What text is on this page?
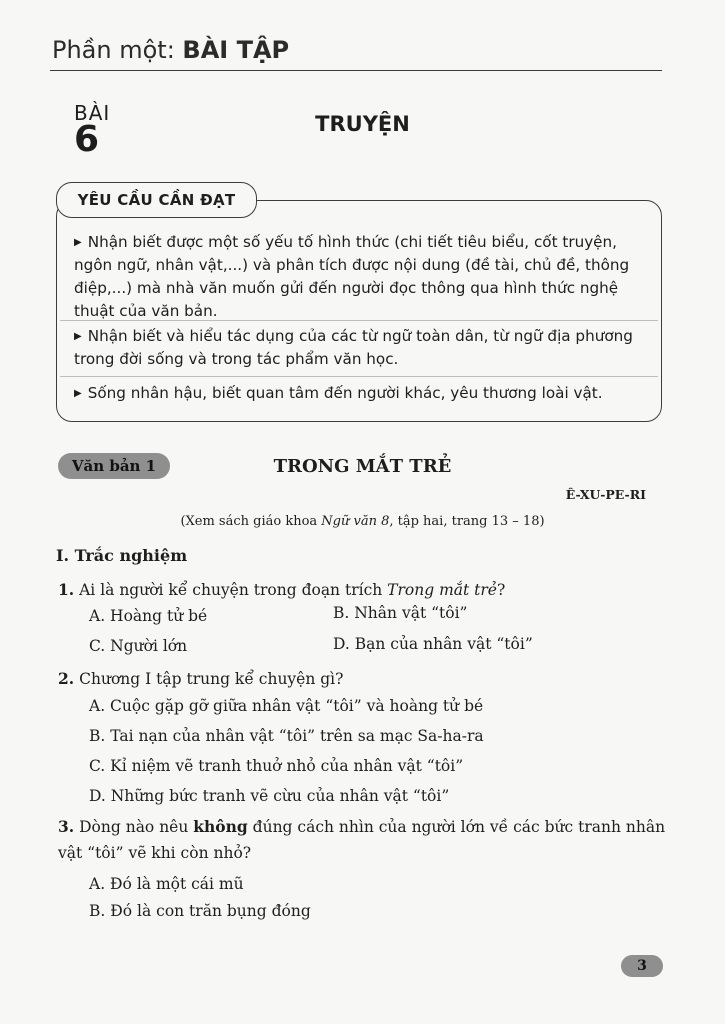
Phần một: BÀI TẬP
BÀI
6	TRUYỆN
YÊU CẦU CẦN ĐẠT
▶ Nhận biết được một số yếu tố hình thức (chi tiết tiêu biểu, cốt truyện, ngôn ngữ, nhân vật,...) và phân tích được nội dung (đề tài, chủ đề, thông điệp,...) mà nhà văn muốn gửi đến người đọc thông qua hình thức nghệ thuật của văn bản.
▶ Nhận biết và hiểu tác dụng của các từ ngữ toàn dân, từ ngữ địa phương trong đời sống và trong tác phẩm văn học.
▶ Sống nhân hậu, biết quan tâm đến người khác, yêu thương loài vật.
Văn bản 1	TRONG MẮT TRẺ
Ê-XU-PE-RI
(Xem sách giáo khoa Ngữ văn 8, tập hai, trang 13 – 18)
I. Trắc nghiệm
1. Ai là người kể chuyện trong đoạn trích Trong mắt trẻ?
A. Hoàng tử bé	B. Nhân vật “tôi”
C. Người lớn	D. Bạn của nhân vật “tôi”
2. Chương I tập trung kể chuyện gì?
A. Cuộc gặp gỡ giữa nhân vật “tôi” và hoàng tử bé
B. Tai nạn của nhân vật “tôi” trên sa mạc Sa-ha-ra
C. Kỉ niệm vẽ tranh thuở nhỏ của nhân vật “tôi”
D. Những bức tranh vẽ cừu của nhân vật “tôi”
3. Dòng nào nêu không đúng cách nhìn của người lớn về các bức tranh nhân vật “tôi” vẽ khi còn nhỏ?
A. Đó là một cái mũ
B. Đó là con trăn bụng đóng
3
